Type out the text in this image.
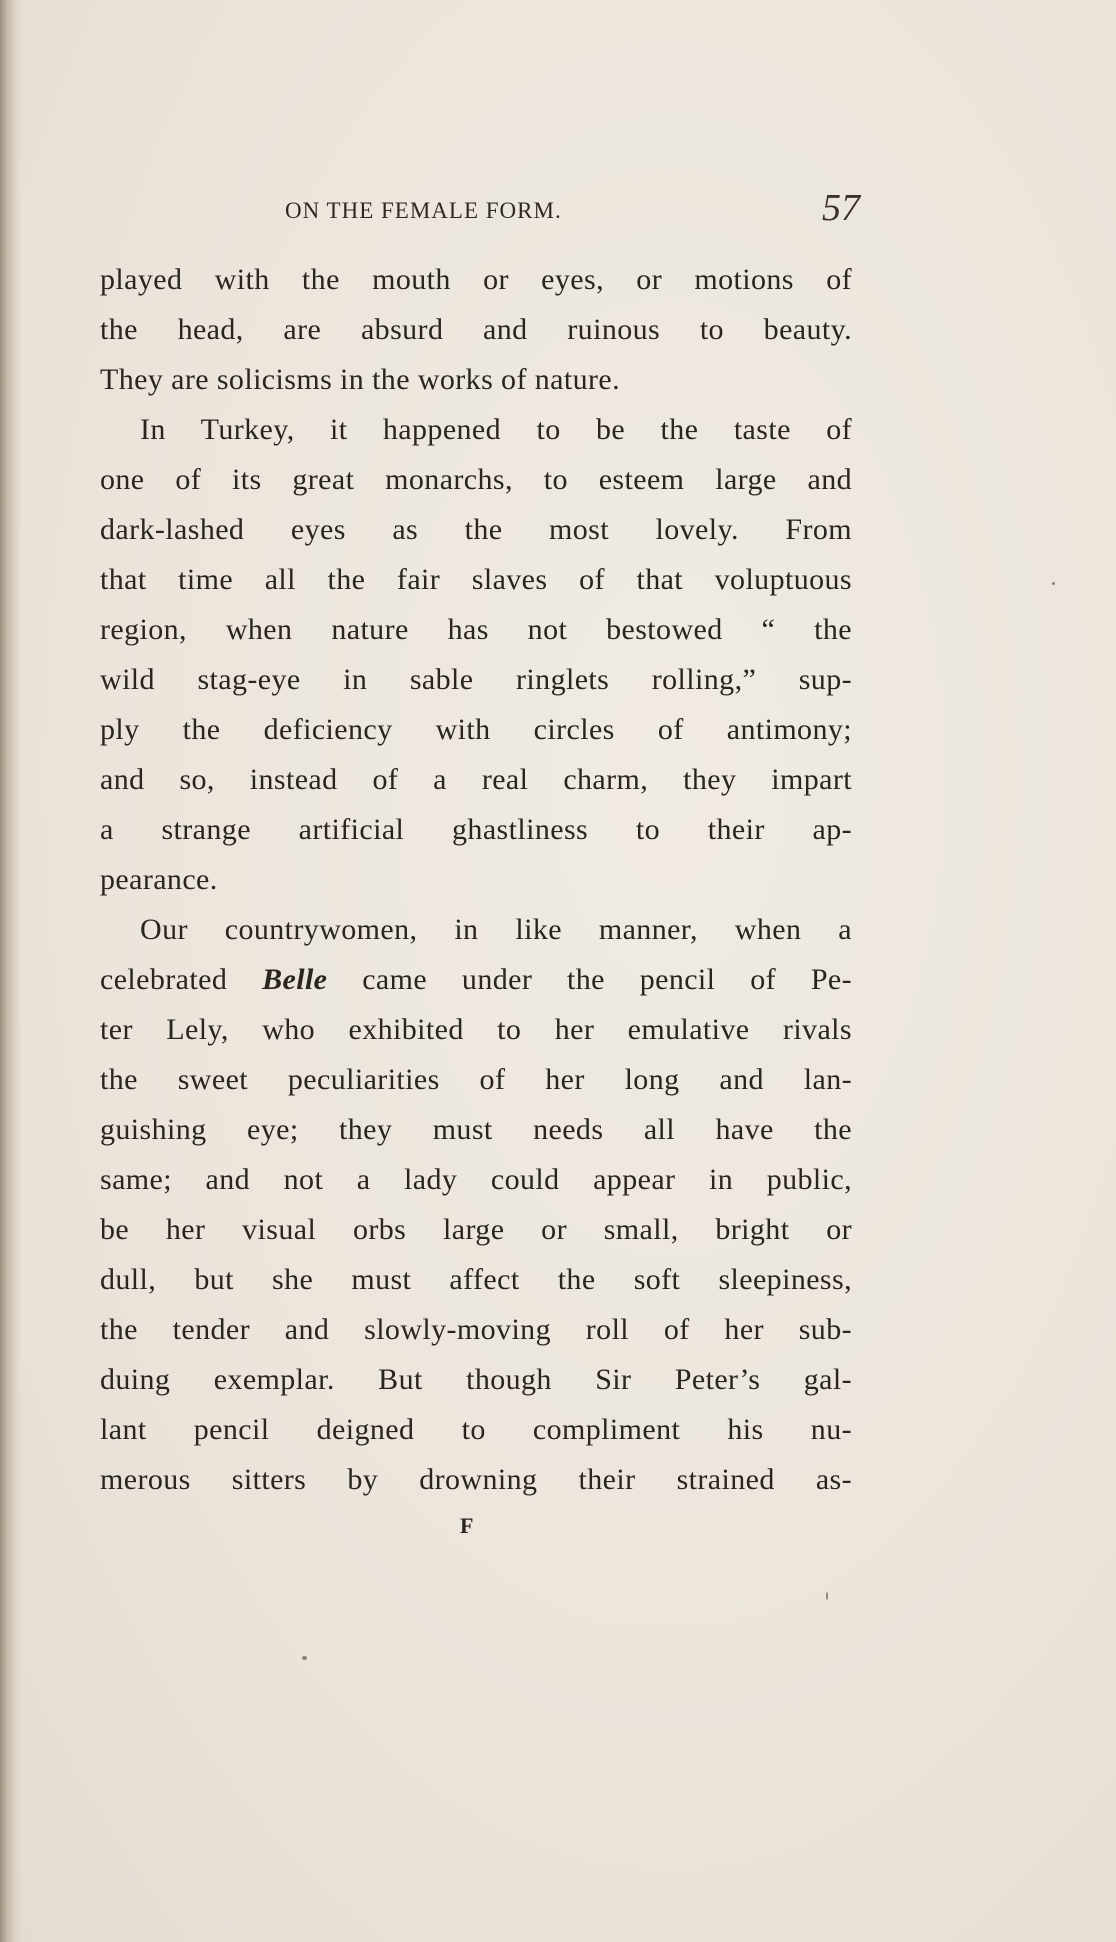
ON THE FEMALE FORM.	57
played with the mouth or eyes, or motions of
the head, are absurd and ruinous to beauty.
They are solicisms in the works of nature.
In Turkey, it happened to be the taste of
one of its great monarchs, to esteem large and
dark-lashed eyes as the most lovely. From
that time all the fair slaves of that voluptuous
region, when nature has not bestowed “ the
wild stag-eye in sable ringlets rolling,” sup-
ply the deficiency with circles of antimony;
and so, instead of a real charm, they impart
a strange artificial ghastliness to their ap-
pearance.
Our countrywomen, in like manner, when a
celebrated Belle came under the pencil of Pe-
ter Lely, who exhibited to her emulative rivals
the sweet peculiarities of her long and lan-
guishing eye; they must needs all have the
same; and not a lady could appear in public,
be her visual orbs large or small, bright or
dull, but she must affect the soft sleepiness,
the tender and slowly-moving roll of her sub-
duing exemplar. But though Sir Peter’s gal-
lant pencil deigned to compliment his nu-
merous sitters by drowning their strained as-
F
